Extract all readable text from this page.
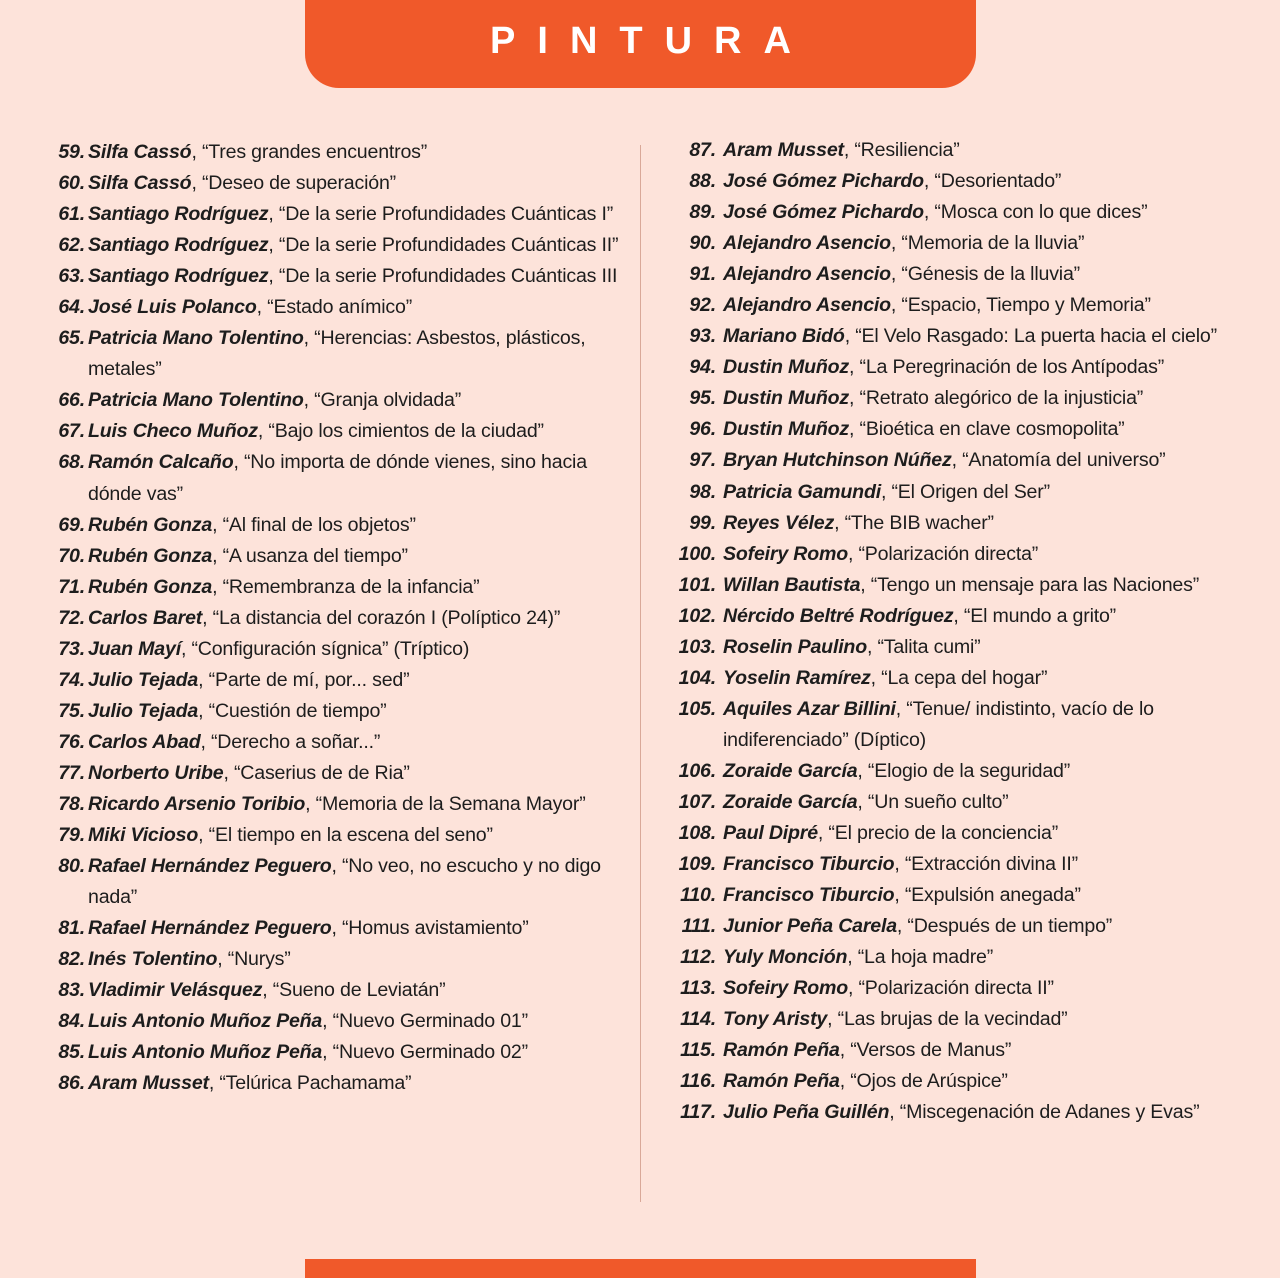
PINTURA
59. Silfa Cassó, “Tres grandes encuentros”
60. Silfa Cassó, “Deseo de superación”
61. Santiago Rodríguez, “De la serie Profundidades Cuánticas I”
62. Santiago Rodríguez, “De la serie Profundidades Cuánticas II”
63. Santiago Rodríguez, “De la serie Profundidades Cuánticas III
64. José Luis Polanco, “Estado anímico”
65. Patricia Mano Tolentino, “Herencias: Asbestos, plásticos, metales”
66. Patricia Mano Tolentino, “Granja olvidada”
67. Luis Checo Muñoz, “Bajo los cimientos de la ciudad”
68. Ramón Calcaño, “No importa de dónde vienes, sino hacia dónde vas”
69. Rubén Gonza, “Al final de los objetos”
70. Rubén Gonza, “A usanza del tiempo”
71. Rubén Gonza, “Remembranza de la infancia”
72. Carlos Baret, “La distancia del corazón I (Políptico 24)”
73. Juan Mayí, “Configuración sígnica” (Tríptico)
74. Julio Tejada, “Parte de mí, por... sed”
75. Julio Tejada, “Cuestión de tiempo”
76. Carlos Abad, “Derecho a soñar...”
77. Norberto Uribe, “Caserius de de Ria”
78. Ricardo Arsenio Toribio, “Memoria de la Semana Mayor”
79. Miki Vicioso, “El tiempo en la escena del seno”
80. Rafael Hernández Peguero, “No veo, no escucho y no digo nada”
81. Rafael Hernández Peguero, “Homus avistamiento”
82. Inés Tolentino, “Nurys”
83. Vladimir Velásquez, “Sueno de Leviatán”
84. Luis Antonio Muñoz Peña, “Nuevo Germinado 01”
85. Luis Antonio Muñoz Peña, “Nuevo Germinado 02”
86. Aram Musset, “Telúrica Pachamama”
87. Aram Musset, “Resiliencia”
88. José Gómez Pichardo, “Desorientado”
89. José Gómez Pichardo, “Mosca con lo que dices”
90. Alejandro Asencio, “Memoria de la lluvia”
91. Alejandro Asencio, “Génesis de la lluvia”
92. Alejandro Asencio, “Espacio, Tiempo y Memoria”
93. Mariano Bidó, “El Velo Rasgado: La puerta hacia el cielo”
94. Dustin Muñoz, “La Peregrinación de los Antípodas”
95. Dustin Muñoz, “Retrato alegórico de la injusticia”
96. Dustin Muñoz, “Bioética en clave cosmopolita”
97. Bryan Hutchinson Núñez, “Anatomía del universo”
98. Patricia Gamundi, “El Origen del Ser”
99. Reyes Vélez, “The BIB wacher”
100. Sofeiry Romo, “Polarización directa”
101. Willan Bautista, “Tengo un mensaje para las Naciones”
102. Nércido Beltré Rodríguez, “El mundo a grito”
103. Roselin Paulino, “Talita cumi”
104. Yoselin Ramírez, “La cepa del hogar”
105. Aquiles Azar Billini, “Tenue/ indistinto, vacío de lo indiferenciado” (Díptico)
106. Zoraide García, “Elogio de la seguridad”
107. Zoraide García, “Un sueño culto”
108. Paul Dipré, “El precio de la conciencia”
109. Francisco Tiburcio, “Extracción divina II”
110. Francisco Tiburcio, “Expulsión anegada”
111. Junior Peña Carela, “Después de un tiempo”
112. Yuly Monción, “La hoja madre”
113. Sofeiry Romo, “Polarización directa II”
114. Tony Aristy, “Las brujas de la vecindad”
115. Ramón Peña, “Versos de Manus”
116. Ramón Peña, “Ojos de Arúspice”
117. Julio Peña Guillén, “Miscegenación de Adanes y Evas”
